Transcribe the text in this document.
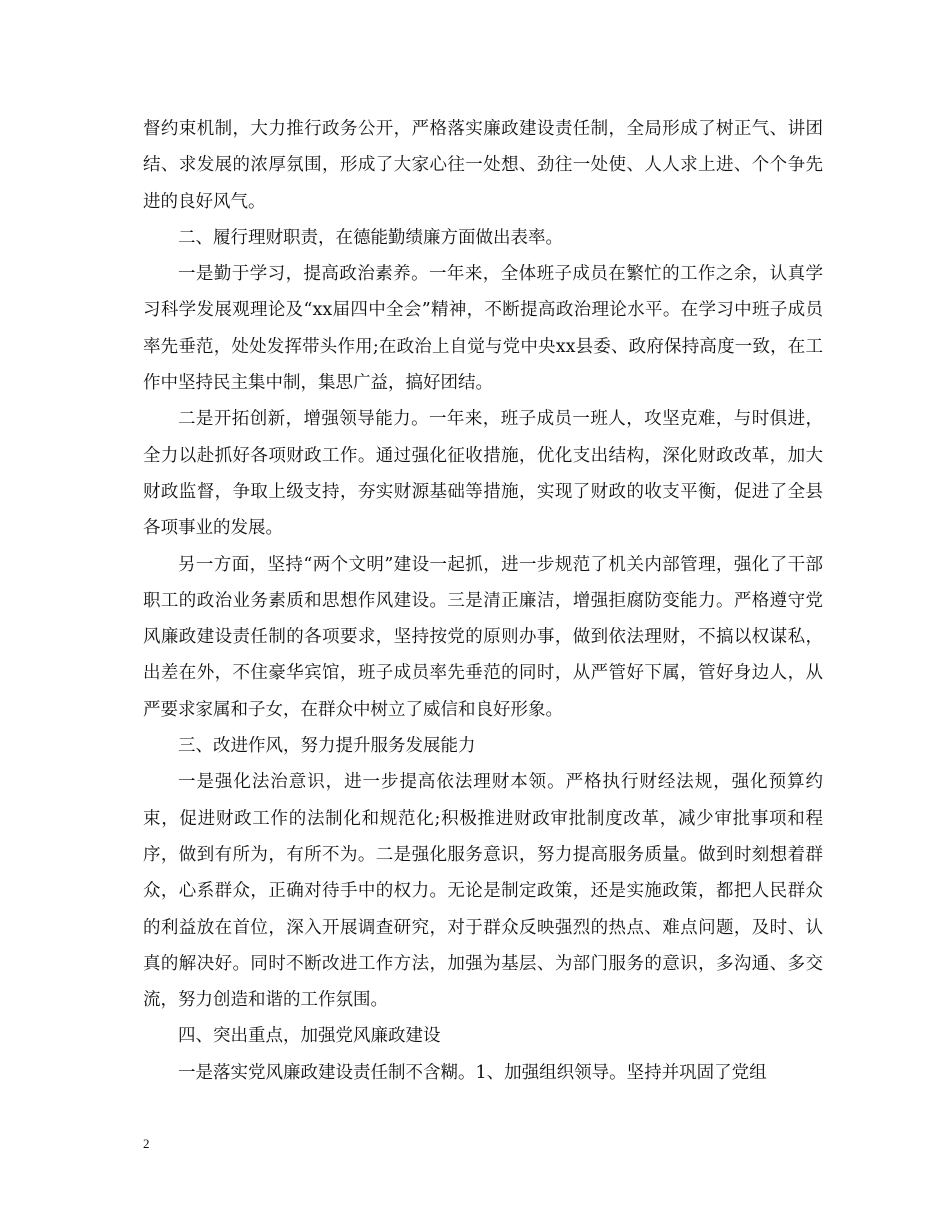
督约束机制，大力推行政务公开，严格落实廉政建设责任制，全局形成了树正气、讲团结、求发展的浓厚氛围，形成了大家心往一处想、劲往一处使、人人求上进、个个争先进的良好风气。

二、履行理财职责，在德能勤绩廉方面做出表率。

一是勤于学习，提高政治素养。一年来，全体班子成员在繁忙的工作之余，认真学习科学发展观理论及“xx届四中全会”精神，不断提高政治理论水平。在学习中班子成员率先垂范，处处发挥带头作用;在政治上自觉与党中央xx县委、政府保持高度一致，在工作中坚持民主集中制，集思广益，搞好团结。

二是开拓创新，增强领导能力。一年来，班子成员一班人，攻坚克难，与时俱进，全力以赴抓好各项财政工作。通过强化征收措施，优化支出结构，深化财政改革，加大财政监督，争取上级支持，夯实财源基础等措施，实现了财政的收支平衡，促进了全县各项事业的发展。

另一方面，坚持“两个文明”建设一起抓，进一步规范了机关内部管理，强化了干部职工的政治业务素质和思想作风建设。三是清正廉洁，增强拒腐防变能力。严格遵守党风廉政建设责任制的各项要求，坚持按党的原则办事，做到依法理财，不搞以权谋私，出差在外，不住豪华宾馆，班子成员率先垂范的同时，从严管好下属，管好身边人，从严要求家属和子女，在群众中树立了威信和良好形象。

三、改进作风，努力提升服务发展能力

一是强化法治意识，进一步提高依法理财本领。严格执行财经法规，强化预算约束，促进财政工作的法制化和规范化;积极推进财政审批制度改革，减少审批事项和程序，做到有所为，有所不为。二是强化服务意识，努力提高服务质量。做到时刻想着群众，心系群众，正确对待手中的权力。无论是制定政策，还是实施政策，都把人民群众的利益放在首位，深入开展调查研究，对于群众反映强烈的热点、难点问题，及时、认真的解决好。同时不断改进工作方法，加强为基层、为部门服务的意识，多沟通、多交流，努力创造和谐的工作氛围。

四、突出重点，加强党风廉政建设

一是落实党风廉政建设责任制不含糊。1、加强组织领导。坚持并巩固了党组

2
